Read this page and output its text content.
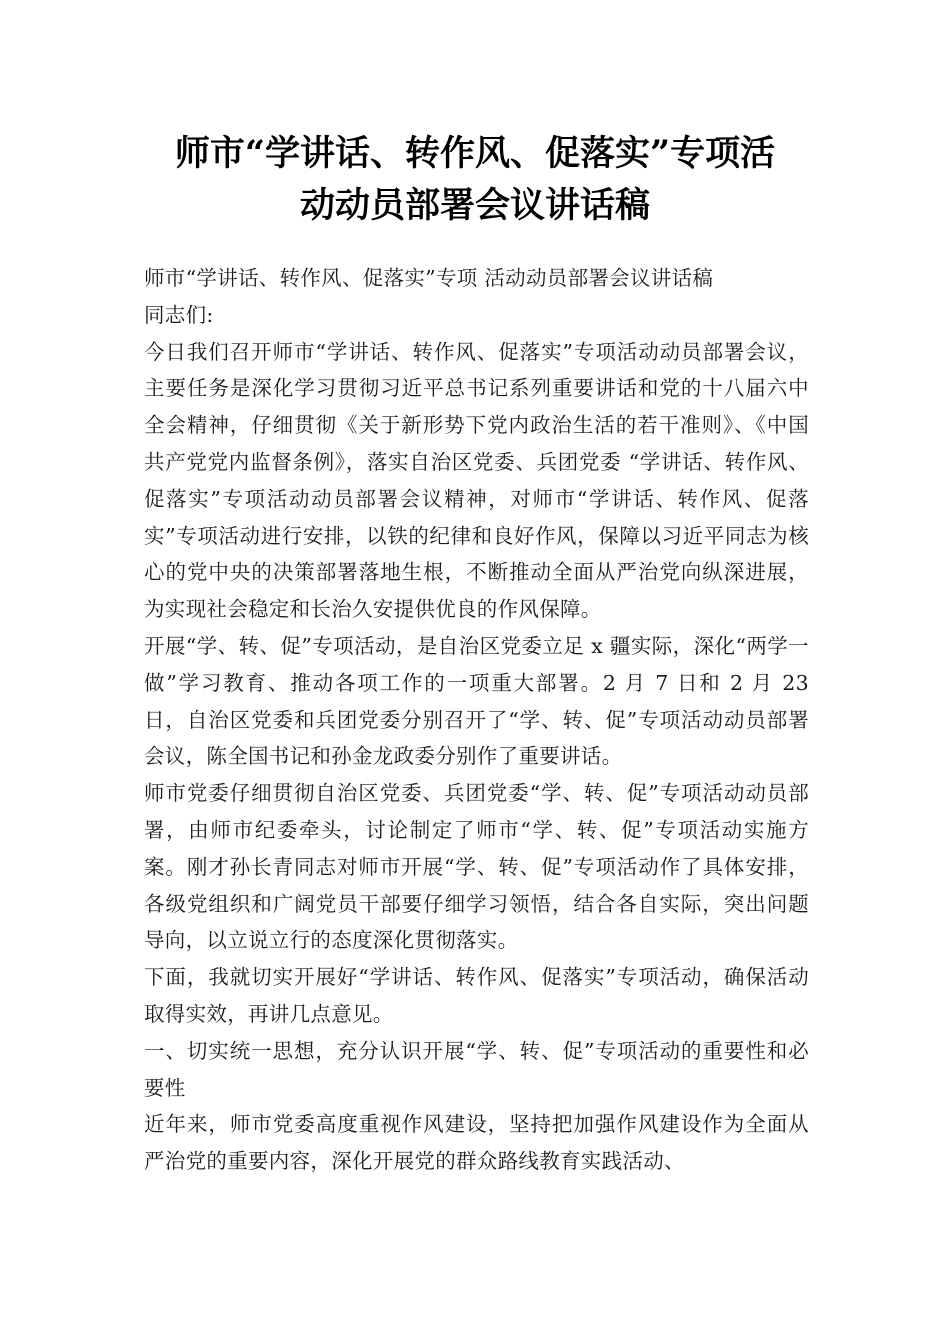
师市“学讲话、转作风、促落实”专项活
动动员部署会议讲话稿

师市“学讲话、转作风、促落实”专项 活动动员部署会议讲话稿

同志们:

今日我们召开师市“学讲话、转作风、促落实”专项活动动员部署会议，主要任务是深化学习贯彻习近平总书记系列重要讲话和党的十八届六中全会精神，仔细贯彻《关于新形势下党内政治生活的若干准则》、《中国共产党党内监督条例》，落实自治区党委、兵团党委 “学讲话、转作风、促落实”专项活动动员部署会议精神，对师市“学讲话、转作风、促落实”专项活动进行安排，以铁的纪律和良好作风，保障以习近平同志为核心的党中央的决策部署落地生根，不断推动全面从严治党向纵深进展，为实现社会稳定和长治久安提供优良的作风保障。

开展“学、转、促”专项活动，是自治区党委立足 x 疆实际，深化“两学一做”学习教育、推动各项工作的一项重大部署。2 月 7 日和 2 月 23 日，自治区党委和兵团党委分别召开了“学、转、促”专项活动动员部署会议，陈全国书记和孙金龙政委分别作了重要讲话。

师市党委仔细贯彻自治区党委、兵团党委“学、转、促”专项活动动员部署，由师市纪委牵头，讨论制定了师市“学、转、促”专项活动实施方案。刚才孙长青同志对师市开展“学、转、促”专项活动作了具体安排，各级党组织和广阔党员干部要仔细学习领悟，结合各自实际，突出问题导向，以立说立行的态度深化贯彻落实。

下面，我就切实开展好“学讲话、转作风、促落实”专项活动，确保活动取得实效，再讲几点意见。

一、切实统一思想，充分认识开展“学、转、促”专项活动的重要性和必要性

近年来，师市党委高度重视作风建设，坚持把加强作风建设作为全面从严治党的重要内容，深化开展党的群众路线教育实践活动、
